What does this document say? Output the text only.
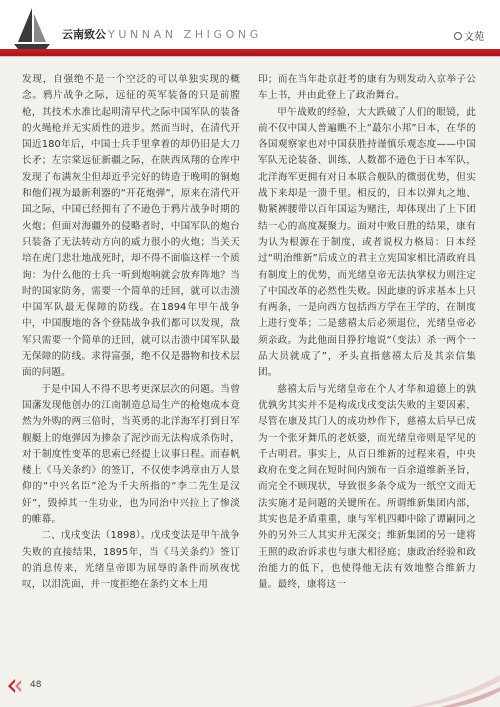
云南致公 YUNNAN ZHIGONG	文苑

发现，自强绝不是一个空泛的可以单独实现的概念。鸦片战争之际，远征的英军装备的只是前膛枪，其技术水准比起明清早代之际中国军队的装备的火绳枪并无实质性的进步。然而当时，在清代开国近180年后，中国士兵手里拿着的却仍旧是大刀长矛；左宗棠远征新疆之际，在陕西凤翔的仓库中发现了布满灰尘但却近乎完好的铸造于晚明的铜炮和他们视为最新利器的“开花炮弹”，原来在清代开国之际，中国已经拥有了不逊色于鸦片战争时期的火炮；但面对海疆外的侵略者时，中国军队的炮台只装备了无法转动方向的威力很小的火炮；当关天培在虎门悲壮地战死时，却不得不面临这样一个质询：为什么他的士兵一听到炮响就会放弃阵地？当时的国家防务，需要一个简单的迁回，就可以击溃中国军队最无保障的防线。在1894年甲午战争中，中国腹地的各个登陆战争我们都可以发现，敌军只需要一个简单的迁回，就可以击溃中国军队最无保障的防线。求得富强，绝不仅是器物和技术层面的问题。

于是中国人不得不思考更深层次的问题。当曾国藩发现他创办的江南制造总局生产的枪炮成本竟然为外购的两三倍时，当英勇的北洋海军打到日军舰艇上的炮弹因为掺杂了泥沙而无法构成杀伤时，对于制度性变革的思索已经提上议事日程。而春帆楼上《马关条约》的签订，不仅使李鸿章由万人景仰的“中兴名臣”沦为千夫所指的“李二先生是汉奸”，毁掉其一生功业，也为同治中兴拉上了惨淡的帷幕。

二、戊戌变法（1898）。戊戌变法是甲午战争失败的直接结果，1895年，当《马关条约》签订的消息传来，光绪皇帝即为屈辱的条件而夙夜忧叹，以泪洗面，并一度拒绝在条约文本上用

印；而在当年赴京赶考的康有为则发动入京举子公车上书，并由此登上了政治舞台。

甲午战败的经验，大大跌破了人们的眼镜，此前不仅中国人普遍瞧不上“蕞尔小邦”日本，在华的各国观察家也对中国获胜持谨慎乐观态度——中国军队无论装备、训练、人数都不逊色于日本军队，北洋海军更拥有对日本联合舰队的微弱优势，但实战下来却是一溃千里。相反的，日本以弹丸之地、勒紧裤腰带以百年国运为赌注，却体现出了上下团结一心的高度凝聚力。面对中败日胜的结果，康有为认为根源在于制度，或者说权力格局：日本经过“明治维新”后成立的君主立宪国家相比清政府具有制度上的优势，而光绪皇帝无法执掌权力则注定了中国改革的必然性失败。因此康的诉求基本上只有两条，一是向西方包括西方学在王学的，在制度上进行变革；二是慈禧太后必须退位，光绪皇帝必须亲政。为此他面目狰狞地说“（变法）杀一两个一品大员就成了”，矛头直指慈禧太后及其亲信集团。

慈禧太后与光绪皇帝在个人才华和道德上的孰优孰劣其实并不是构成戊戌变法失败的主要因素，尽管在康及其门人的成功炒作下，慈禧太后早已成为一个张牙舞爪的老妖婆，而光绪皇帝则是罕见的千古明君。事实上，从百日维新的过程来看，中央政府在变之间在短时间内颁布一百余道维新圣旨，而完全不顾现状，导致很多条令成为一纸空文而无法实施才是问题的关键所在。所谓维新集团内部，其实也是矛盾重重，康与军机四卿中除了谭嗣同之外的另外三人其实并无深交；维新集团的另一建将王照的政治诉求也与康大相径庭；康政治经验和政治能力的低下，也使得他无法有效地整合维新力量。最终，康将这一

48
